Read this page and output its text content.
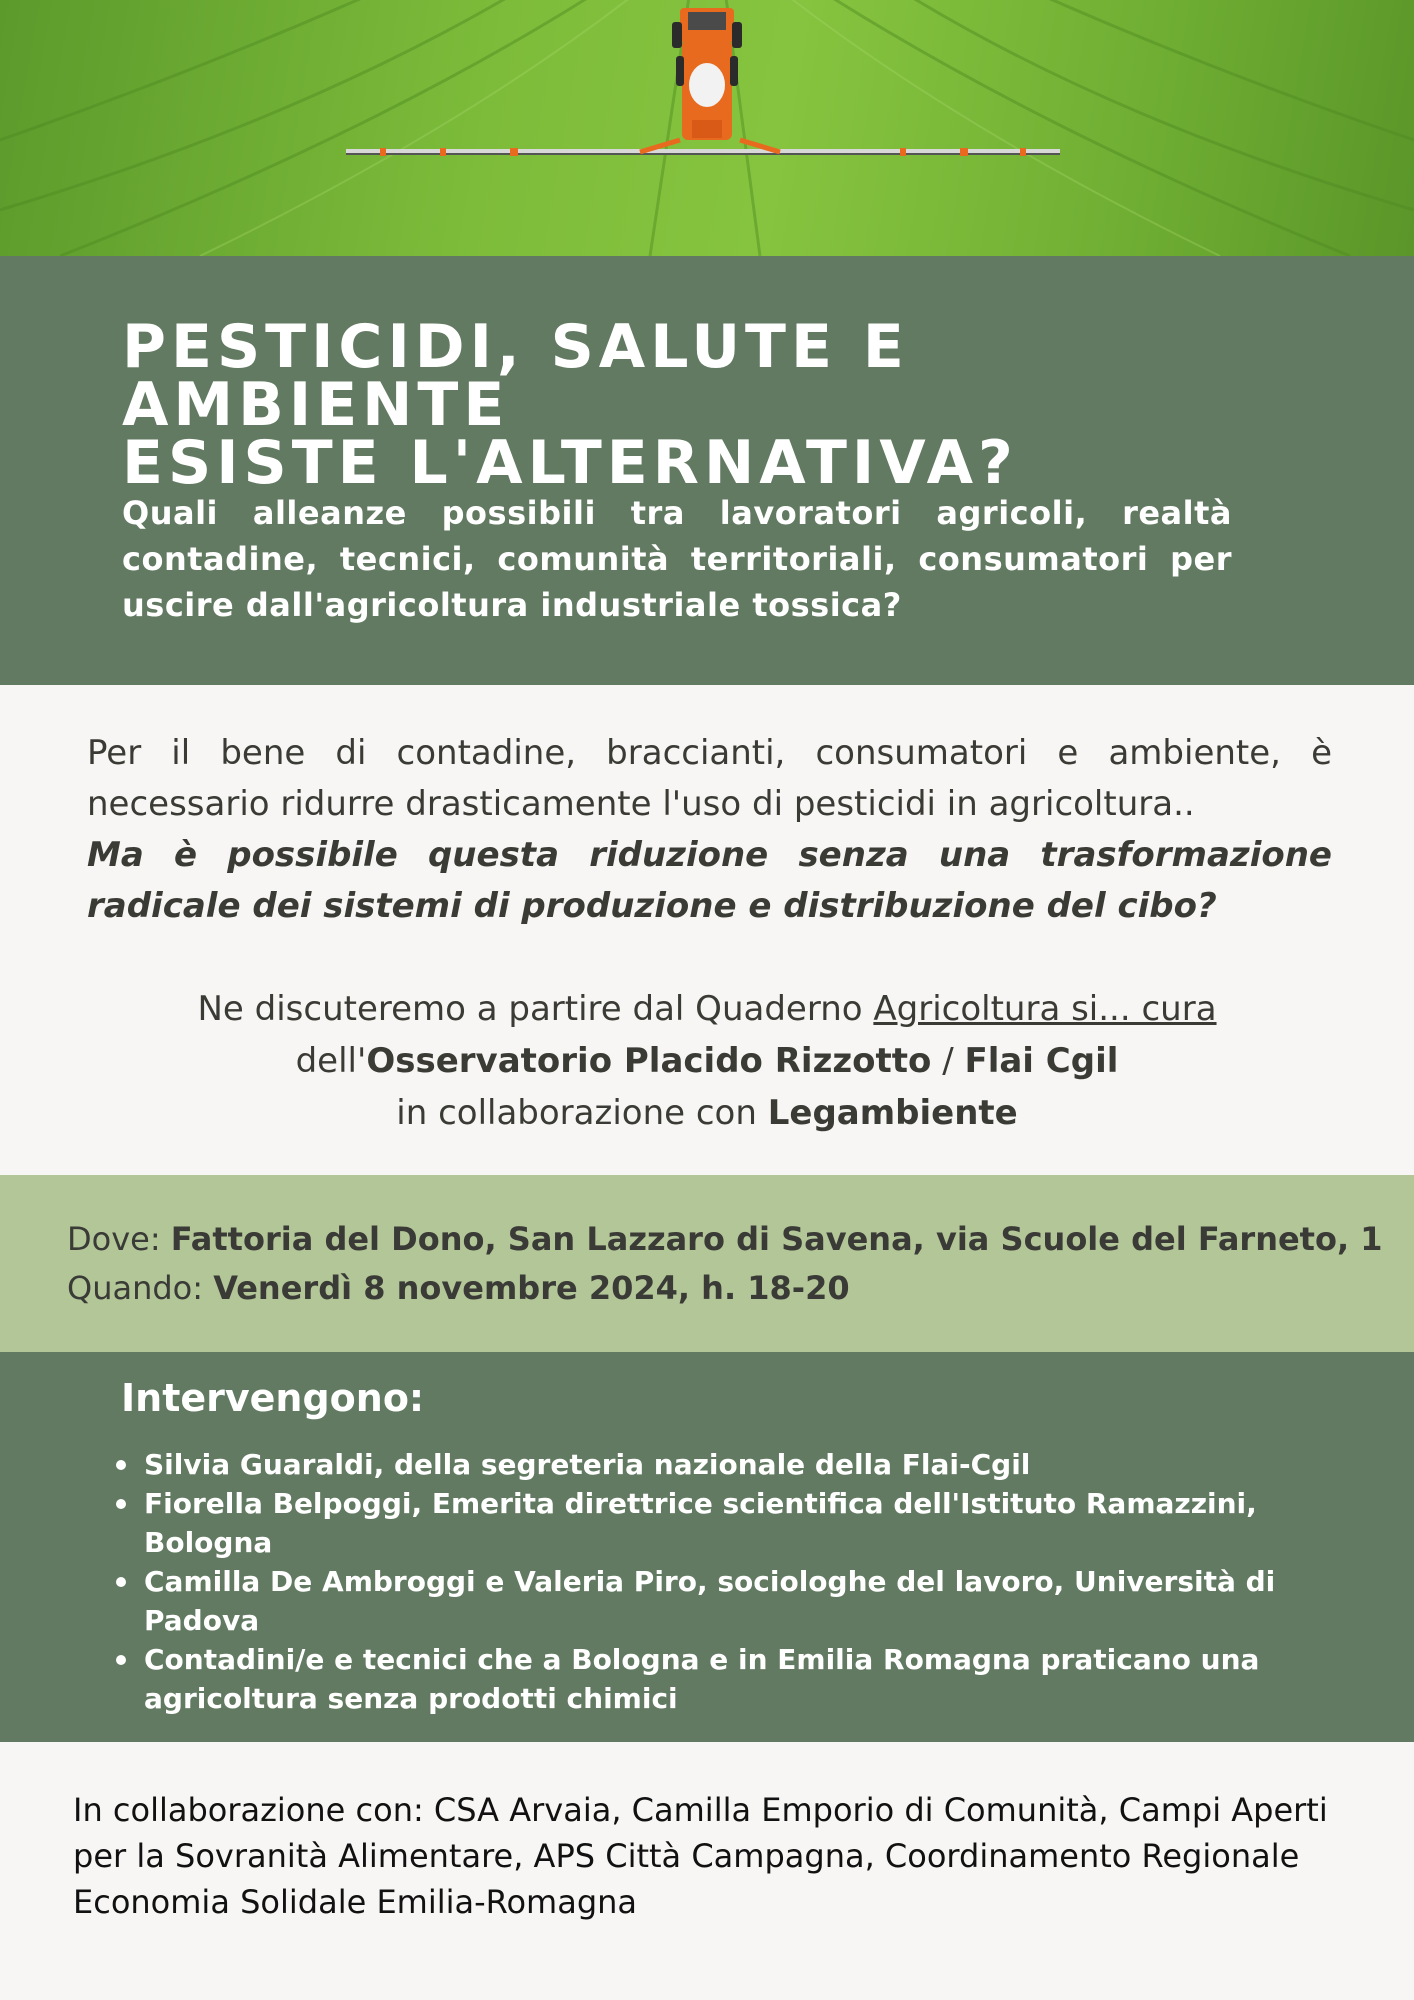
PESTICIDI, SALUTE E AMBIENTE
ESISTE L'ALTERNATIVA?
Quali alleanze possibili tra lavoratori agricoli, realtà contadine, tecnici, comunità territoriali, consumatori per uscire dall'agricoltura industriale tossica?
Per il bene di contadine, braccianti, consumatori e ambiente, è necessario ridurre drasticamente l'uso di pesticidi in agricoltura..
Ma è possibile questa riduzione senza una trasformazione radicale dei sistemi di produzione e distribuzione del cibo?
Ne discuteremo a partire dal Quaderno Agricoltura si... cura
dell'Osservatorio Placido Rizzotto / Flai Cgil
in collaborazione con Legambiente
Dove: Fattoria del Dono, San Lazzaro di Savena, via Scuole del Farneto, 1
Quando: Venerdì 8 novembre 2024, h. 18-20
Intervengono:
Silvia Guaraldi, della segreteria nazionale della Flai-Cgil
Fiorella Belpoggi, Emerita direttrice scientifica dell'Istituto Ramazzini, Bologna
Camilla De Ambroggi e Valeria Piro, sociologhe del lavoro, Università di Padova
Contadini/e e tecnici che a Bologna e in Emilia Romagna praticano una agricoltura senza prodotti chimici
In collaborazione con: CSA Arvaia, Camilla Emporio di Comunità, Campi Aperti per la Sovranità Alimentare, APS Città Campagna, Coordinamento Regionale Economia Solidale Emilia-Romagna
